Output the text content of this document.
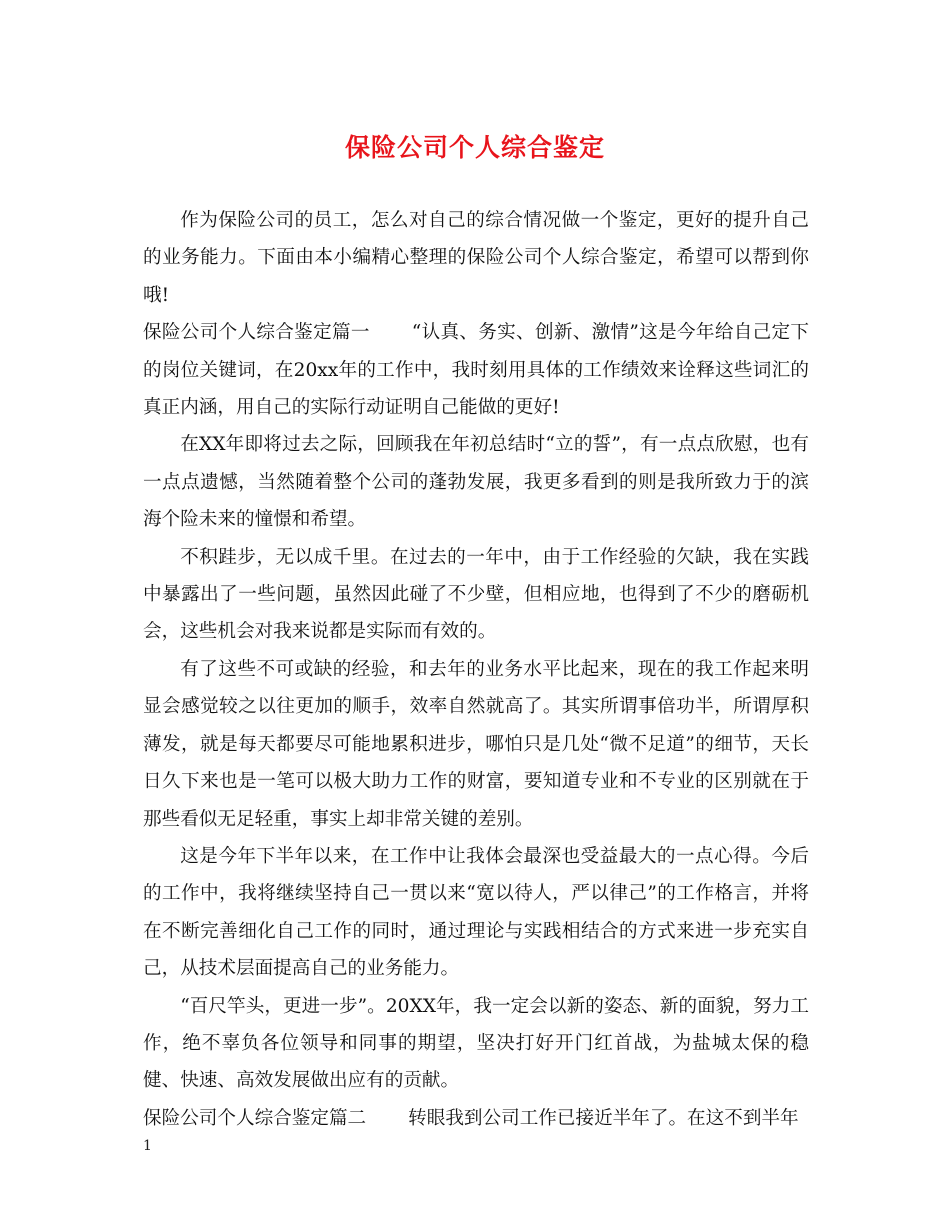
保险公司个人综合鉴定

作为保险公司的员工，怎么对自己的综合情况做一个鉴定，更好的提升自己的业务能力。下面由本小编精心整理的保险公司个人综合鉴定，希望可以帮到你哦!

保险公司个人综合鉴定篇一 “认真、务实、创新、激情”这是今年给自己定下的岗位关键词，在20xx年的工作中，我时刻用具体的工作绩效来诠释这些词汇的真正内涵，用自己的实际行动证明自己能做的更好!

在XX年即将过去之际，回顾我在年初总结时“立的誓”，有一点点欣慰，也有一点点遗憾，当然随着整个公司的蓬勃发展，我更多看到的则是我所致力于的滨海个险未来的憧憬和希望。

不积跬步，无以成千里。在过去的一年中，由于工作经验的欠缺，我在实践中暴露出了一些问题，虽然因此碰了不少壁，但相应地，也得到了不少的磨砺机会，这些机会对我来说都是实际而有效的。

有了这些不可或缺的经验，和去年的业务水平比起来，现在的我工作起来明显会感觉较之以往更加的顺手，效率自然就高了。其实所谓事倍功半，所谓厚积薄发，就是每天都要尽可能地累积进步，哪怕只是几处“微不足道”的细节，天长日久下来也是一笔可以极大助力工作的财富，要知道专业和不专业的区别就在于那些看似无足轻重，事实上却非常关键的差别。

这是今年下半年以来，在工作中让我体会最深也受益最大的一点心得。今后的工作中，我将继续坚持自己一贯以来“宽以待人，严以律己”的工作格言，并将在不断完善细化自己工作的同时，通过理论与实践相结合的方式来进一步充实自己，从技术层面提高自己的业务能力。

“百尺竿头，更进一步”。20XX年，我一定会以新的姿态、新的面貌，努力工作，绝不辜负各位领导和同事的期望，坚决打好开门红首战，为盐城太保的稳健、快速、高效发展做出应有的贡献。

保险公司个人综合鉴定篇二 转眼我到公司工作已接近半年了。在这不到半年

1
